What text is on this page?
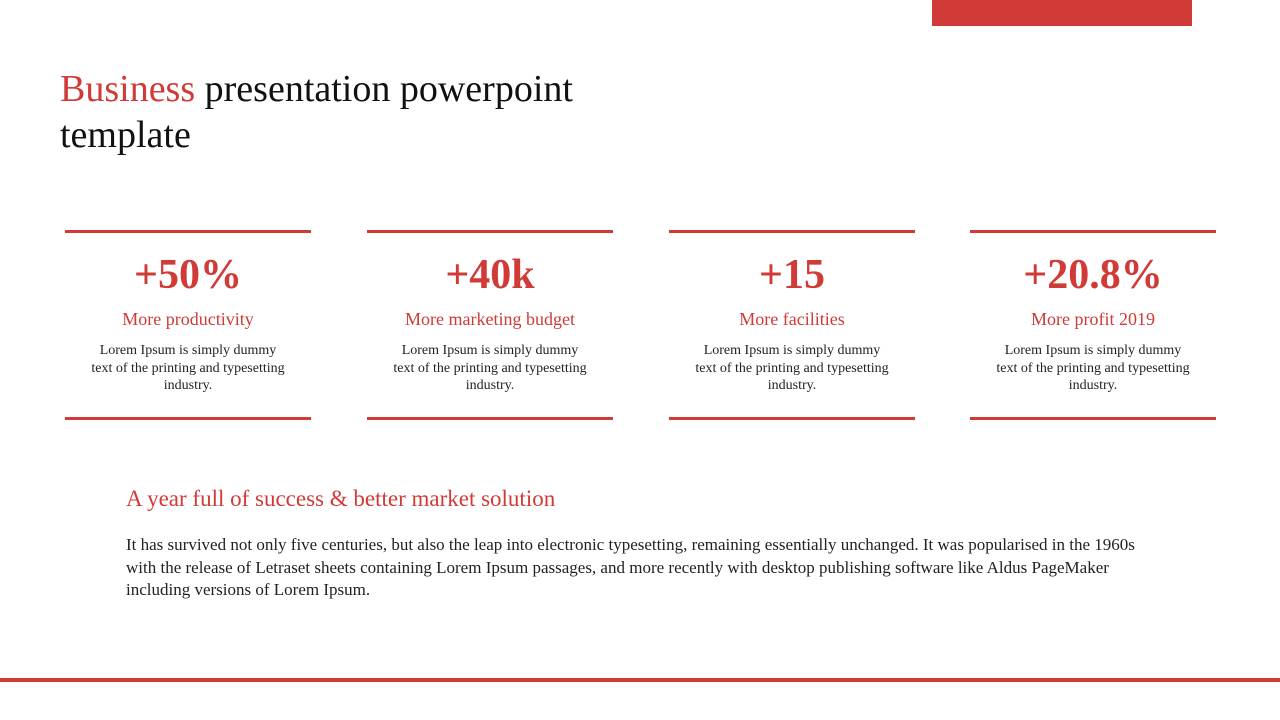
Business presentation powerpoint template
+50%
More productivity
Lorem Ipsum is simply dummy text of the printing and typesetting industry.
+40k
More marketing budget
Lorem Ipsum is simply dummy text of the printing and typesetting industry.
+15
More facilities
Lorem Ipsum is simply dummy text of the printing and typesetting industry.
+20.8%
More profit 2019
Lorem Ipsum is simply dummy text of the printing and typesetting industry.
A year full of success & better market solution

It has survived not only five centuries, but also the leap into electronic typesetting, remaining essentially unchanged. It was popularised in the 1960s with the release of Letraset sheets containing Lorem Ipsum passages, and more recently with desktop publishing software like Aldus PageMaker including versions of Lorem Ipsum.
